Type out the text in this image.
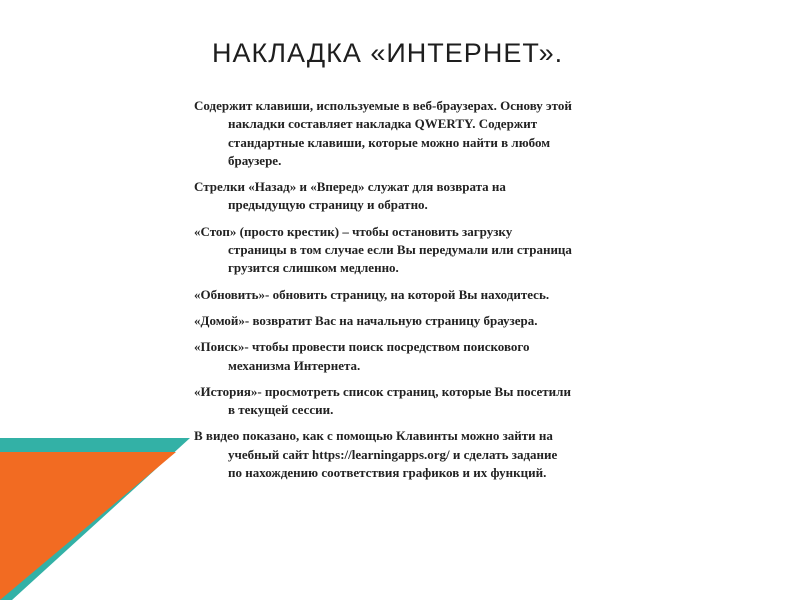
НАКЛАДКА «ИНТЕРНЕТ».
Содержит клавиши, используемые в веб-браузерах. Основу этой накладки составляет накладка QWERTY. Содержит стандартные клавиши, которые можно найти в любом браузере.
Стрелки «Назад» и «Вперед» служат для возврата на предыдущую страницу и обратно.
«Стоп» (просто крестик) – чтобы остановить загрузку страницы в том случае если Вы передумали или страница грузится слишком медленно.
«Обновить»- обновить страницу, на которой Вы находитесь.
«Домой»- возвратит Вас на начальную страницу браузера.
«Поиск»- чтобы провести поиск посредством поискового механизма Интернета.
«История»- просмотреть список страниц, которые Вы посетили в текущей сессии.
В видео показано, как с помощью Клавинты можно зайти на учебный сайт https://learningapps.org/ и сделать задание по нахождению соответствия графиков и их функций.
